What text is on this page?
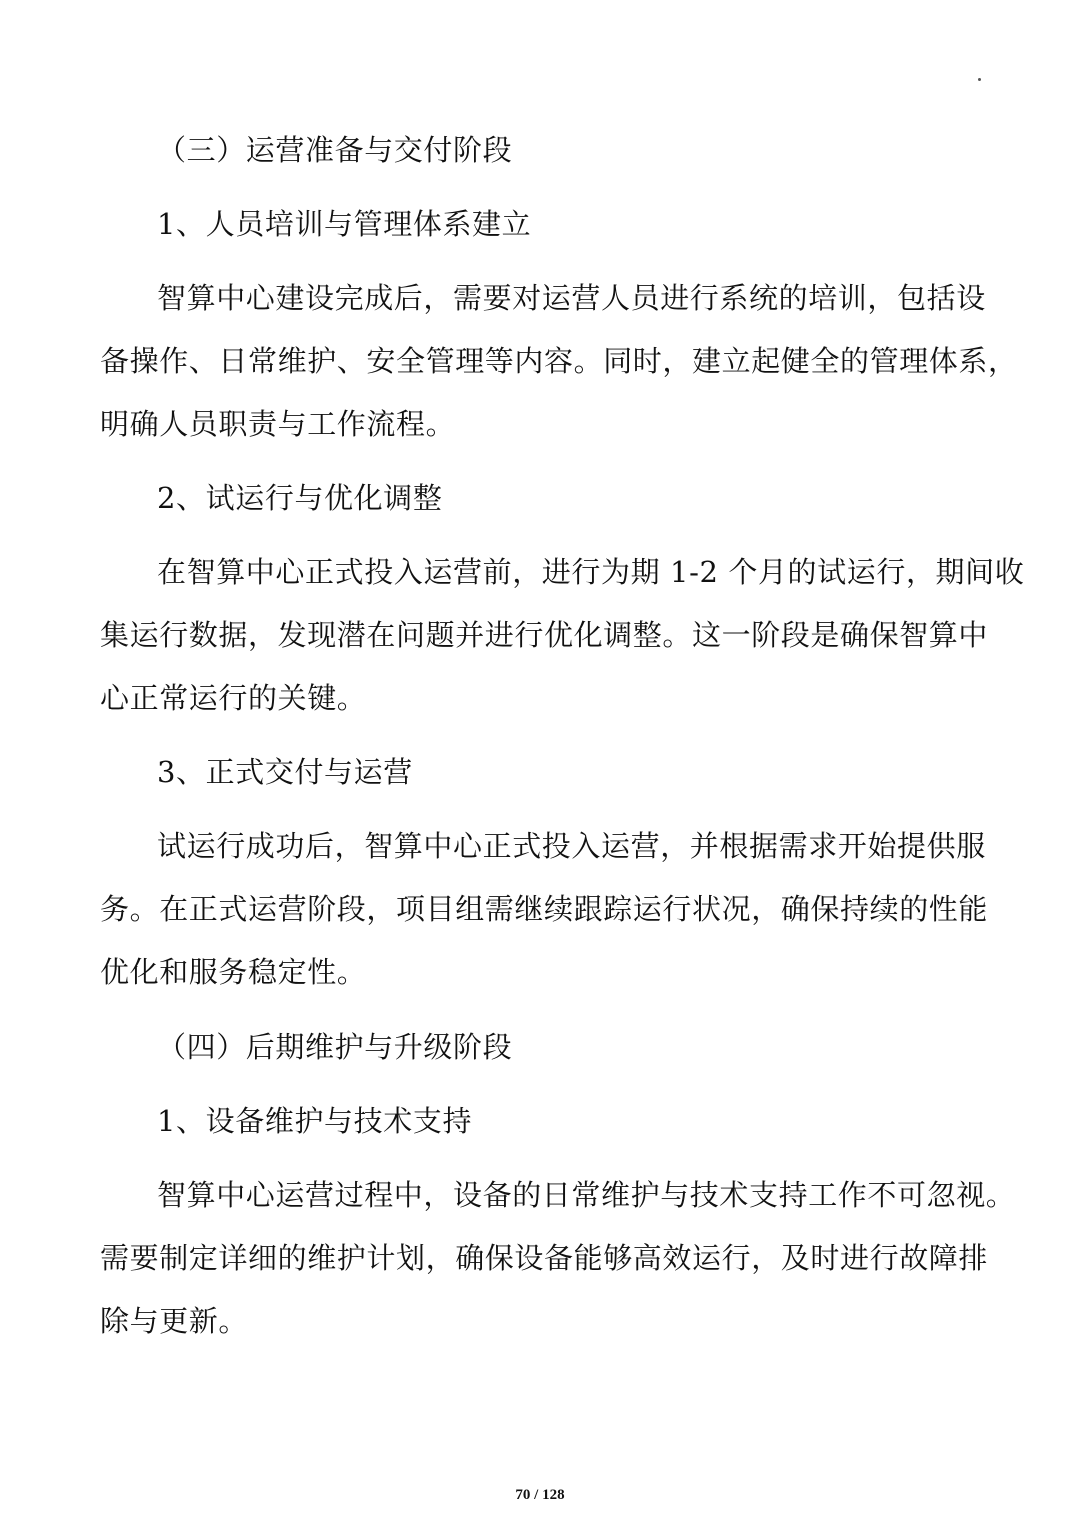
（三）运营准备与交付阶段
1、人员培训与管理体系建立
智算中心建设完成后，需要对运营人员进行系统的培训，包括设
备操作、日常维护、安全管理等内容。同时，建立起健全的管理体系，
明确人员职责与工作流程。
2、试运行与优化调整
在智算中心正式投入运营前，进行为期 1-2 个月的试运行，期间收
集运行数据，发现潜在问题并进行优化调整。这一阶段是确保智算中
心正常运行的关键。
3、正式交付与运营
试运行成功后，智算中心正式投入运营，并根据需求开始提供服
务。在正式运营阶段，项目组需继续跟踪运行状况，确保持续的性能
优化和服务稳定性。
（四）后期维护与升级阶段
1、设备维护与技术支持
智算中心运营过程中，设备的日常维护与技术支持工作不可忽视。
需要制定详细的维护计划，确保设备能够高效运行，及时进行故障排
除与更新。
70 / 128
